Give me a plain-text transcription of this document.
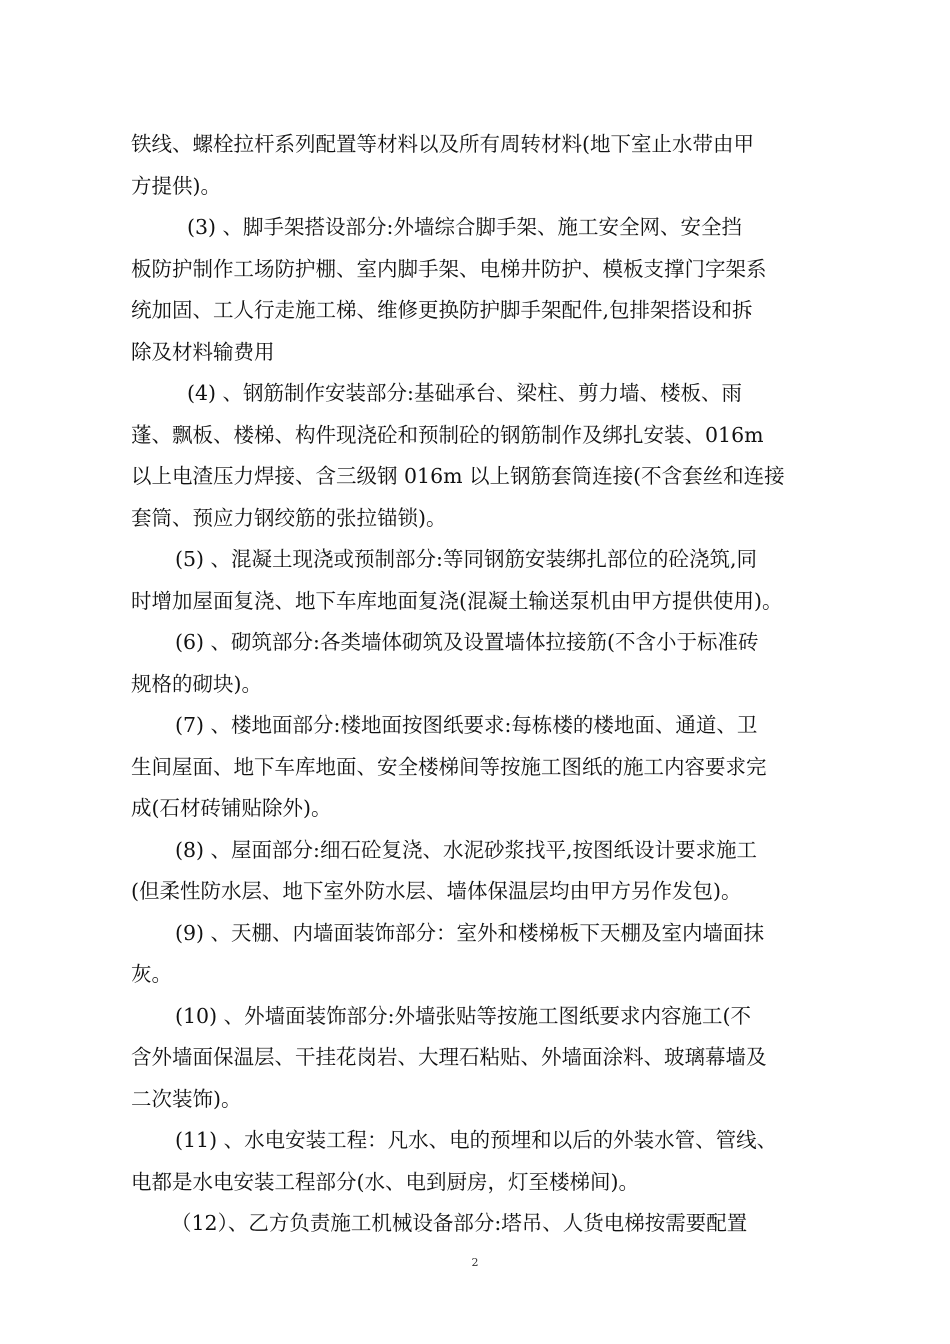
铁线、螺栓拉杆系列配置等材料以及所有周转材料(地下室止水带由甲
方提供)。
(3) 、脚手架搭设部分:外墙综合脚手架、施工安全网、安全挡
板防护制作工场防护棚、室内脚手架、电梯井防护、模板支撑门字架系
统加固、工人行走施工梯、维修更换防护脚手架配件,包排架搭设和拆
除及材料输费用
(4) 、钢筋制作安装部分:基础承台、梁柱、剪力墙、楼板、雨
蓬、飘板、楼梯、构件现浇砼和预制砼的钢筋制作及绑扎安装、016m
以上电渣压力焊接、含三级钢 016m 以上钢筋套筒连接(不含套丝和连接
套筒、预应力钢绞筋的张拉锚锁)。
(5) 、混凝土现浇或预制部分:等同钢筋安装绑扎部位的砼浇筑,同
时增加屋面复浇、地下车库地面复浇(混凝土输送泵机由甲方提供使用)。
(6) 、砌筑部分:各类墙体砌筑及设置墙体拉接筋(不含小于标准砖
规格的砌块)。
(7) 、楼地面部分:楼地面按图纸要求:每栋楼的楼地面、通道、卫
生间屋面、地下车库地面、安全楼梯间等按施工图纸的施工内容要求完
成(石材砖铺贴除外)。
(8) 、屋面部分:细石砼复浇、水泥砂浆找平,按图纸设计要求施工
(但柔性防水层、地下室外防水层、墙体保温层均由甲方另作发包)。
(9) 、天棚、内墙面装饰部分：室外和楼梯板下天棚及室内墙面抹
灰。
(10) 、外墙面装饰部分:外墙张贴等按施工图纸要求内容施工(不
含外墙面保温层、干挂花岗岩、大理石粘贴、外墙面涂料、玻璃幕墙及
二次装饰)。
(11) 、水电安装工程：凡水、电的预埋和以后的外装水管、管线、
电都是水电安装工程部分(水、电到厨房，灯至楼梯间)。
（12）、乙方负责施工机械设备部分:塔吊、人货电梯按需要配置
2
